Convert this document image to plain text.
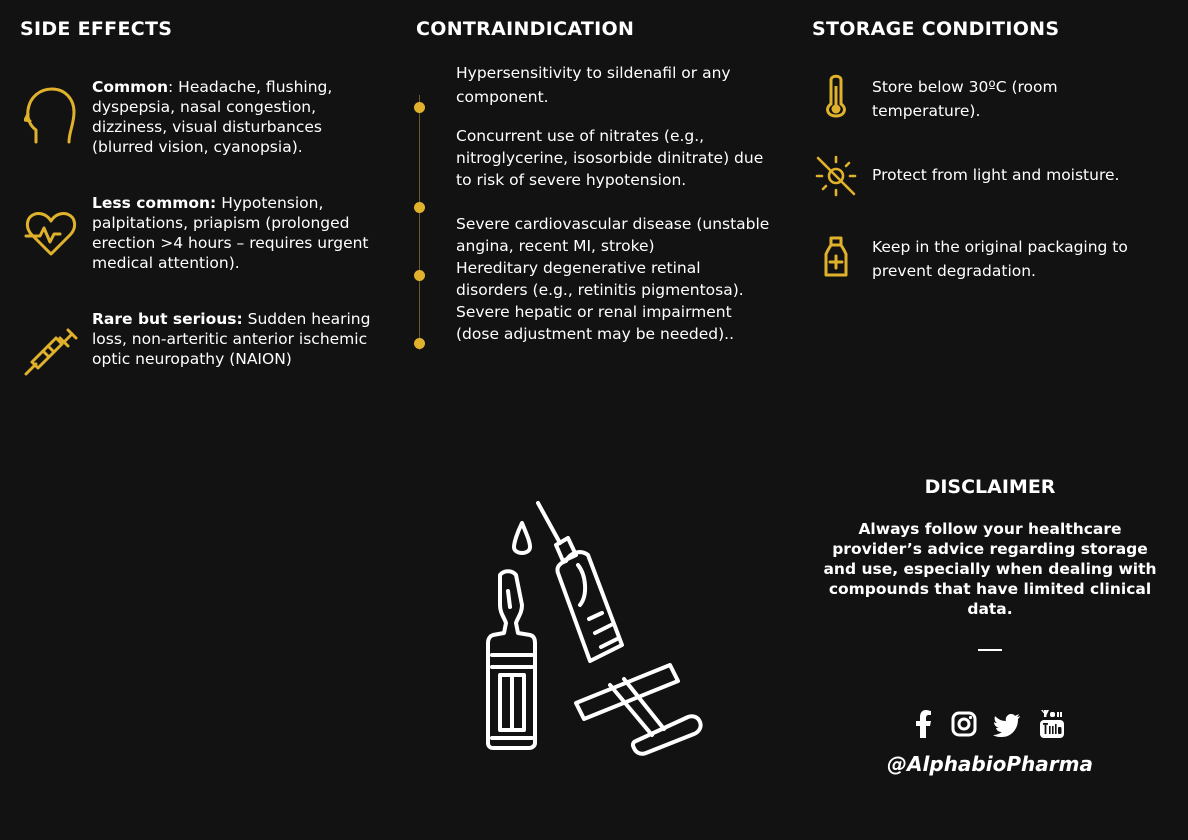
SIDE EFFECTS
Common: Headache, flushing, dyspepsia, nasal congestion, dizziness, visual disturbances (blurred vision, cyanopsia).
Less common: Hypotension, palpitations, priapism (prolonged erection >4 hours – requires urgent medical attention).
Rare but serious: Sudden hearing loss, non-arteritic anterior ischemic optic neuropathy (NAION)
CONTRAINDICATION
Hypersensitivity to sildenafil or any component.
Concurrent use of nitrates (e.g., nitroglycerine, isosorbide dinitrate) due to risk of severe hypotension.
Severe cardiovascular disease (unstable angina, recent MI, stroke)
Hereditary degenerative retinal disorders (e.g., retinitis pigmentosa).
Severe hepatic or renal impairment (dose adjustment may be needed)..
STORAGE CONDITIONS
Store below 30ºC (room temperature).
Protect from light and moisture.
Keep in the original packaging to prevent degradation.
DISCLAIMER
Always follow your healthcare provider’s advice regarding storage and use, especially when dealing with compounds that have limited clinical data.
@AlphabioPharma
